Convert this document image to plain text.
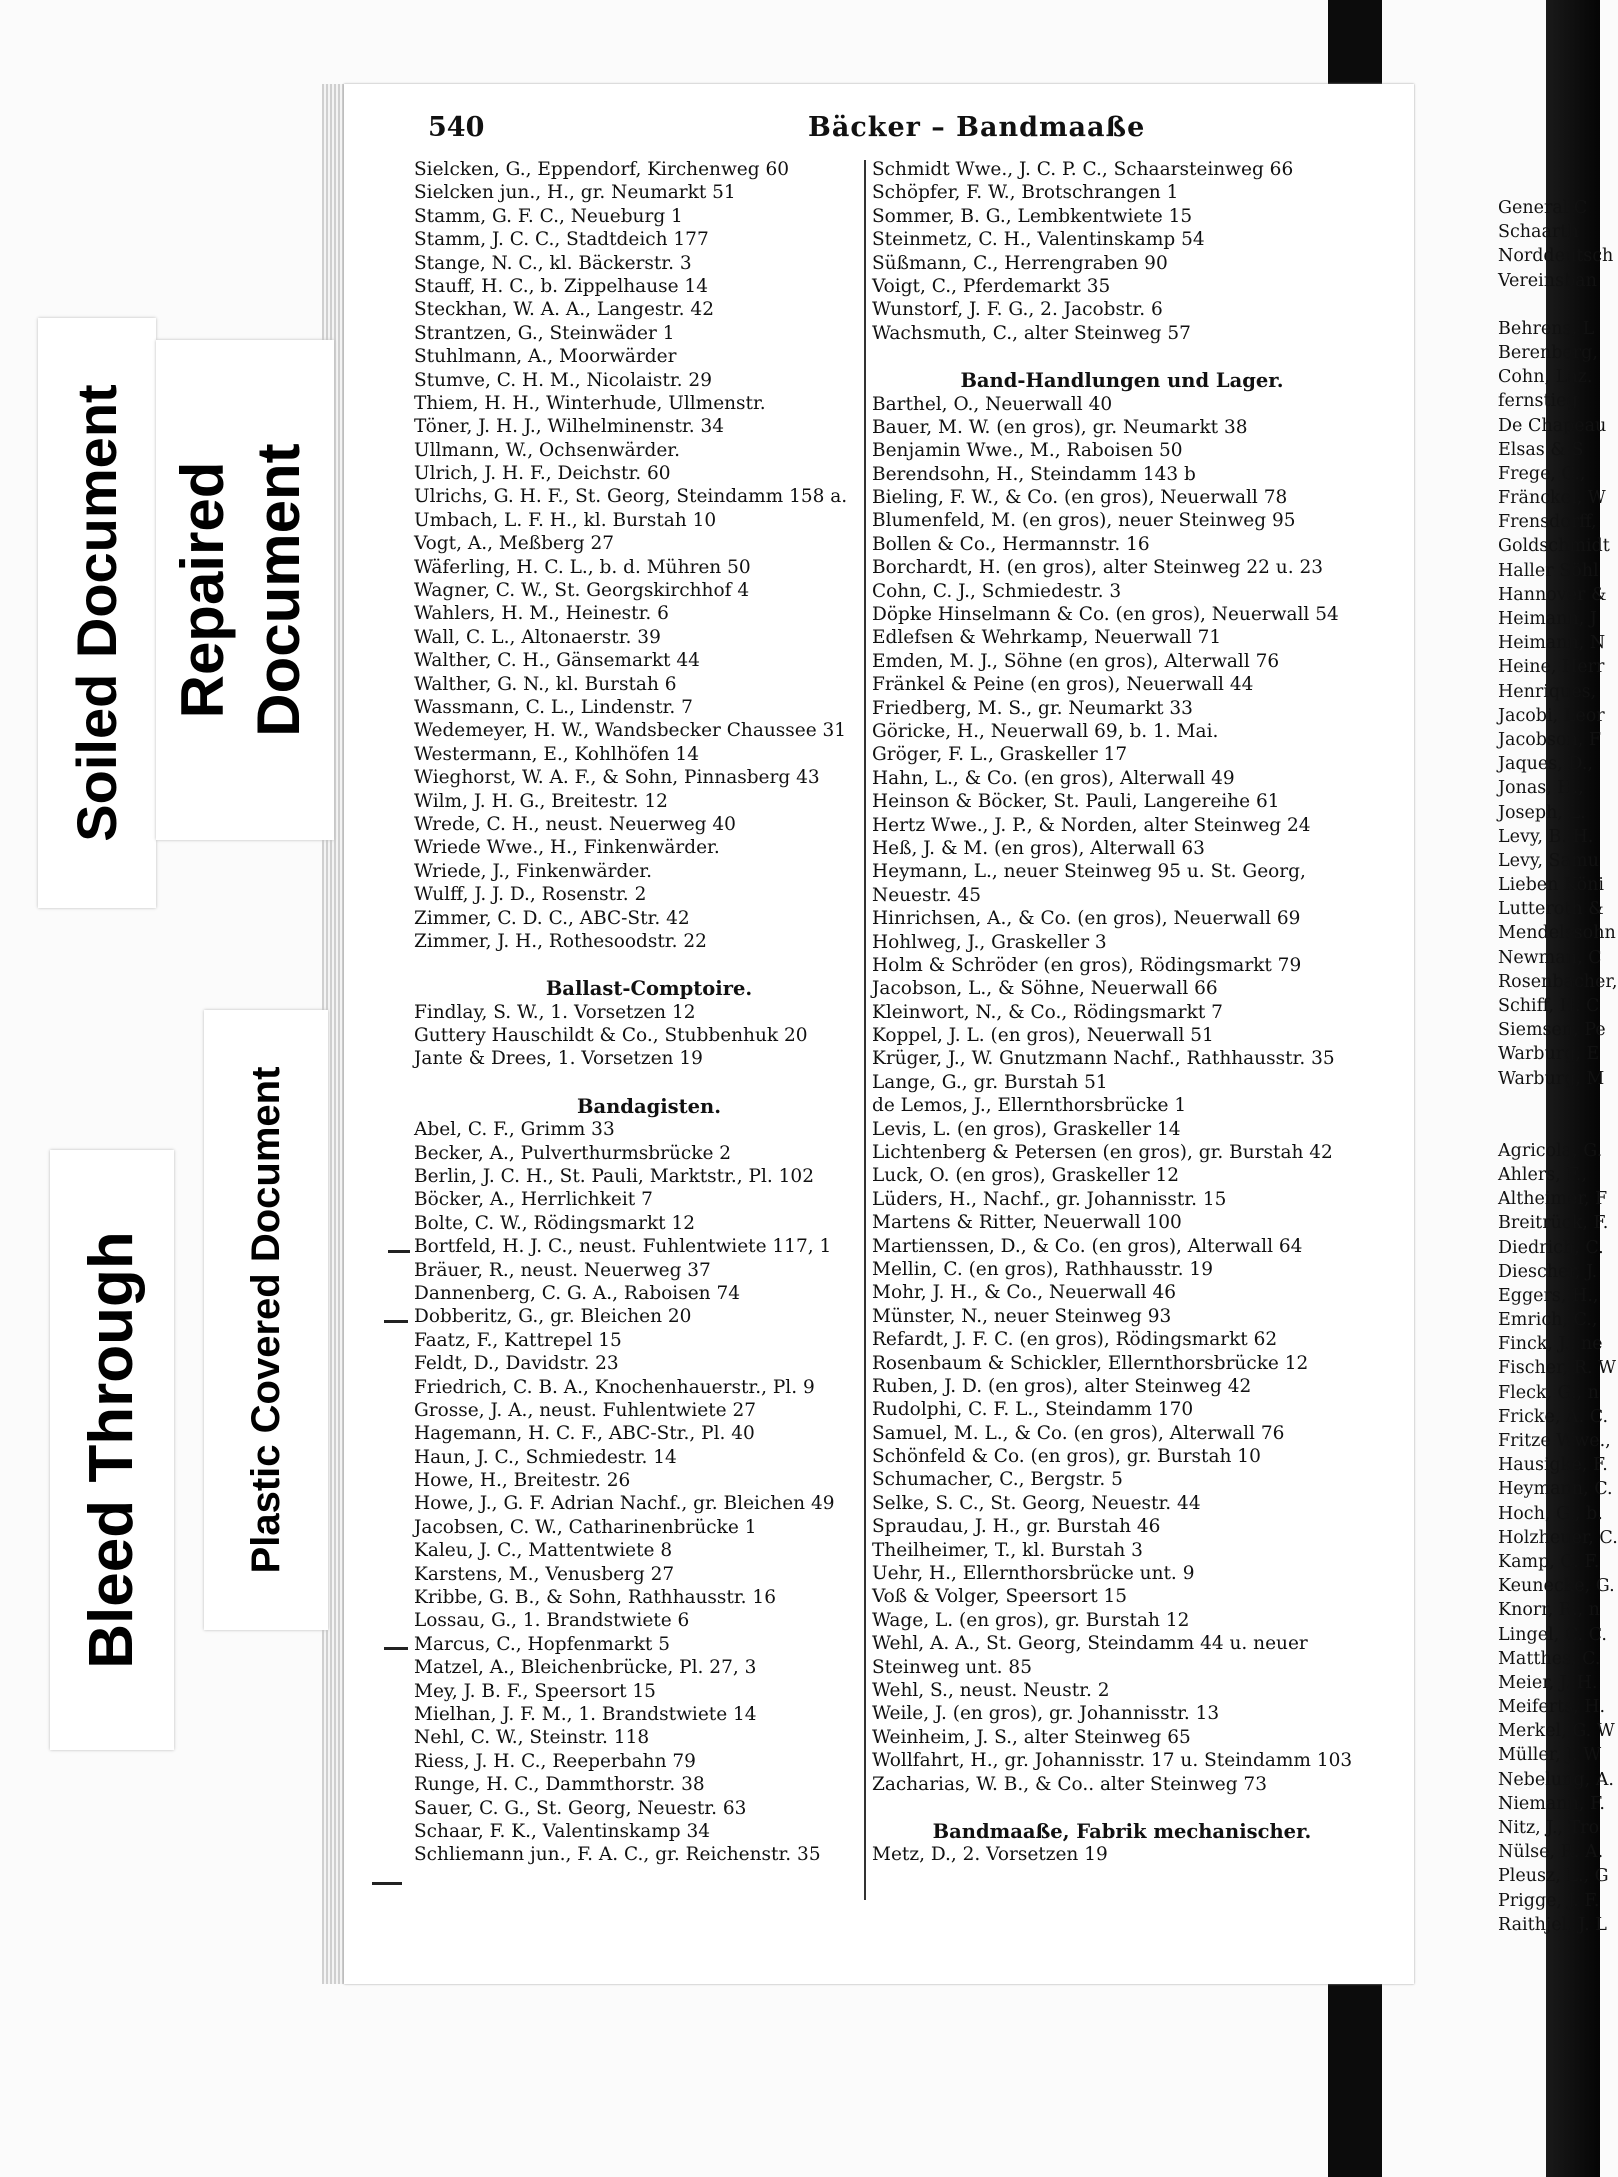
540	Bäcker – Bandmaaße
Sielcken, G., Eppendorf, Kirchenweg 60
Sielcken jun., H., gr. Neumarkt 51
Stamm, G. F. C., Neueburg 1
Stamm, J. C. C., Stadtdeich 177
Stange, N. C., kl. Bäckerstr. 3
Stauff, H. C., b. Zippelhause 14
Steckhan, W. A. A., Langestr. 42
Strantzen, G., Steinwäder 1
Stuhlmann, A., Moorwärder
Stumve, C. H. M., Nicolaistr. 29
Thiem, H. H., Winterhude, Ullmenstr.
Töner, J. H. J., Wilhelminenstr. 34
Ullmann, W., Ochsenwärder.
Ulrich, J. H. F., Deichstr. 60
Ulrichs, G. H. F., St. Georg, Steindamm 158 a.
Umbach, L. F. H., kl. Burstah 10
Vogt, A., Meßberg 27
Wäferling, H. C. L., b. d. Mühren 50
Wagner, C. W., St. Georgskirchhof 4
Wahlers, H. M., Heinestr. 6
Wall, C. L., Altonaerstr. 39
Walther, C. H., Gänsemarkt 44
Walther, G. N., kl. Burstah 6
Wassmann, C. L., Lindenstr. 7
Wedemeyer, H. W., Wandsbecker Chaussee 31
Westermann, E., Kohlhöfen 14
Wieghorst, W. A. F., & Sohn, Pinnasberg 43
Wilm, J. H. G., Breitestr. 12
Wrede, C. H., neust. Neuerweg 40
Wriede Wwe., H., Finkenwärder.
Wriede, J., Finkenwärder.
Wulff, J. J. D., Rosenstr. 2
Zimmer, C. D. C., ABC-Str. 42
Zimmer, J. H., Rothesoodstr. 22
Ballast-Comptoire.
Findlay, S. W., 1. Vorsetzen 12
Guttery Hauschildt & Co., Stubbenhuk 20
Jante & Drees, 1. Vorsetzen 19
Bandagisten.
Abel, C. F., Grimm 33
Becker, A., Pulverthurmsbrücke 2
Berlin, J. C. H., St. Pauli, Marktstr., Pl. 102
Böcker, A., Herrlichkeit 7
Bolte, C. W., Rödingsmarkt 12
Bortfeld, H. J. C., neust. Fuhlentwiete 117, 1
Bräuer, R., neust. Neuerweg 37
Dannenberg, C. G. A., Raboisen 74
Dobberitz, G., gr. Bleichen 20
Faatz, F., Kattrepel 15
Feldt, D., Davidstr. 23
Friedrich, C. B. A., Knochenhauerstr., Pl. 9
Grosse, J. A., neust. Fuhlentwiete 27
Hagemann, H. C. F., ABC-Str., Pl. 40
Haun, J. C., Schmiedestr. 14
Howe, H., Breitestr. 26
Howe, J., G. F. Adrian Nachf., gr. Bleichen 49
Jacobsen, C. W., Catharinenbrücke 1
Kaleu, J. C., Mattentwiete 8
Karstens, M., Venusberg 27
Kribbe, G. B., & Sohn, Rathhausstr. 16
Lossau, G., 1. Brandstwiete 6
Marcus, C., Hopfenmarkt 5
Matzel, A., Bleichenbrücke, Pl. 27, 3
Mey, J. B. F., Speersort 15
Mielhan, J. F. M., 1. Brandstwiete 14
Nehl, C. W., Steinstr. 118
Riess, J. H. C., Reeperbahn 79
Runge, H. C., Dammthorstr. 38
Sauer, C. G., St. Georg, Neuestr. 63
Schaar, F. K., Valentinskamp 34
Schliemann jun., F. A. C., gr. Reichenstr. 35
Schmidt Wwe., J. C. P. C., Schaarsteinweg 66
Schöpfer, F. W., Brotschrangen 1
Sommer, B. G., Lembkentwiete 15
Steinmetz, C. H., Valentinskamp 54
Süßmann, C., Herrengraben 90
Voigt, C., Pferdemarkt 35
Wunstorf, J. F. G., 2. Jacobstr. 6
Wachsmuth, C., alter Steinweg 57
Band-Handlungen und Lager.
Barthel, O., Neuerwall 40
Bauer, M. W. (en gros), gr. Neumarkt 38
Benjamin Wwe., M., Raboisen 50
Berendsohn, H., Steindamm 143 b
Bieling, F. W., & Co. (en gros), Neuerwall 78
Blumenfeld, M. (en gros), neuer Steinweg 95
Bollen & Co., Hermannstr. 16
Borchardt, H. (en gros), alter Steinweg 22 u. 23
Cohn, C. J., Schmiedestr. 3
Döpke Hinselmann & Co. (en gros), Neuerwall 54
Edlefsen & Wehrkamp, Neuerwall 71
Emden, M. J., Söhne (en gros), Alterwall 76
Fränkel & Peine (en gros), Neuerwall 44
Friedberg, M. S., gr. Neumarkt 33
Göricke, H., Neuerwall 69, b. 1. Mai.
Gröger, F. L., Graskeller 17
Hahn, L., & Co. (en gros), Alterwall 49
Heinson & Böcker, St. Pauli, Langereihe 61
Hertz Wwe., J. P., & Norden, alter Steinweg 24
Heß, J. & M. (en gros), Alterwall 63
Heymann, L., neuer Steinweg 95 u. St. Georg,
Neuestr. 45
Hinrichsen, A., & Co. (en gros), Neuerwall 69
Hohlweg, J., Graskeller 3
Holm & Schröder (en gros), Rödingsmarkt 79
Jacobson, L., & Söhne, Neuerwall 66
Kleinwort, N., & Co., Rödingsmarkt 7
Koppel, J. L. (en gros), Neuerwall 51
Krüger, J., W. Gnutzmann Nachf., Rathhausstr. 35
Lange, G., gr. Burstah 51
de Lemos, J., Ellernthorsbrücke 1
Levis, L. (en gros), Graskeller 14
Lichtenberg & Petersen (en gros), gr. Burstah 42
Luck, O. (en gros), Graskeller 12
Lüders, H., Nachf., gr. Johannisstr. 15
Martens & Ritter, Neuerwall 100
Martienssen, D., & Co. (en gros), Alterwall 64
Mellin, C. (en gros), Rathhausstr. 19
Mohr, J. H., & Co., Neuerwall 46
Münster, N., neuer Steinweg 93
Refardt, J. F. C. (en gros), Rödingsmarkt 62
Rosenbaum & Schickler, Ellernthorsbrücke 12
Ruben, J. D. (en gros), alter Steinweg 42
Rudolphi, C. F. L., Steindamm 170
Samuel, M. L., & Co. (en gros), Alterwall 76
Schönfeld & Co. (en gros), gr. Burstah 10
Schumacher, C., Bergstr. 5
Selke, S. C., St. Georg, Neuestr. 44
Spraudau, J. H., gr. Burstah 46
Theilheimer, T., kl. Burstah 3
Uehr, H., Ellernthorsbrücke unt. 9
Voß & Volger, Speersort 15
Wage, L. (en gros), gr. Burstah 12
Wehl, A. A., St. Georg, Steindamm 44 u. neuer
Steinweg unt. 85
Wehl, S., neust. Neustr. 2
Weile, J. (en gros), gr. Johannisstr. 13
Weinheim, J. S., alter Steinweg 65
Wollfahrt, H., gr. Johannisstr. 17 u. Steindamm 103
Zacharias, W. B., & Co.. alter Steinweg 73
Bandmaaße, Fabrik mechanischer.
Metz, D., 2. Vorsetzen 19
General C
Schaarth
Norddeutsch
Vereinsban
Behrens, L
Berenberg,
Cohn, Laz.
fernstieg
De Chapeau
Elsas & S
Frege, C.,
Fränckel, W
Frensdorff,
Goldschmidt
Haller Söhl
Hannover &
Heimann, J
Heimann, N
Heine, Herr
Henriques,
Jacobi, Leor
Jacobson, F
Jaques, D.,
Jonas, H.,
Joseph, L.
Levy, B. H.
Levy, Samu
Lieben Köni
Lutteroth &
Mendelssohn
Newman, C
Rosenbacher,
Schiff, H. C
Siemsen, Pe
Warburg, E
Warburg, M
Agricola, G.
Ahlers, F.,
Altheimer, F
Breitrück, F.
Diedrich, C.
Diescher, J.
Eggers, H.,
Emrich, C.,
Finck, J., ne
Fischer, R. W
Fleck, G., n
Fricke, A. C.
Fritze Wwe.,
Hausigke, F.
Heymann, C.
Hoch, G., b.
Holzheuer, C.
Kamp, C. F.
Keunecke, G.
Knorr, R., n
Lingel, C. C.
Matthes, C.
Meier, J. H.
Meiferts, H.
Merkel, G. W
Müller, J. W
Nebelung, A.
Niemann, F.
Nitz, J., Tro
Nülse, R. A.
Pleusz, L., G
Prigge, J. F.
Raithjel, J. L
Soiled Document Repaired Document
Plastic Covered Document
Bleed Through
